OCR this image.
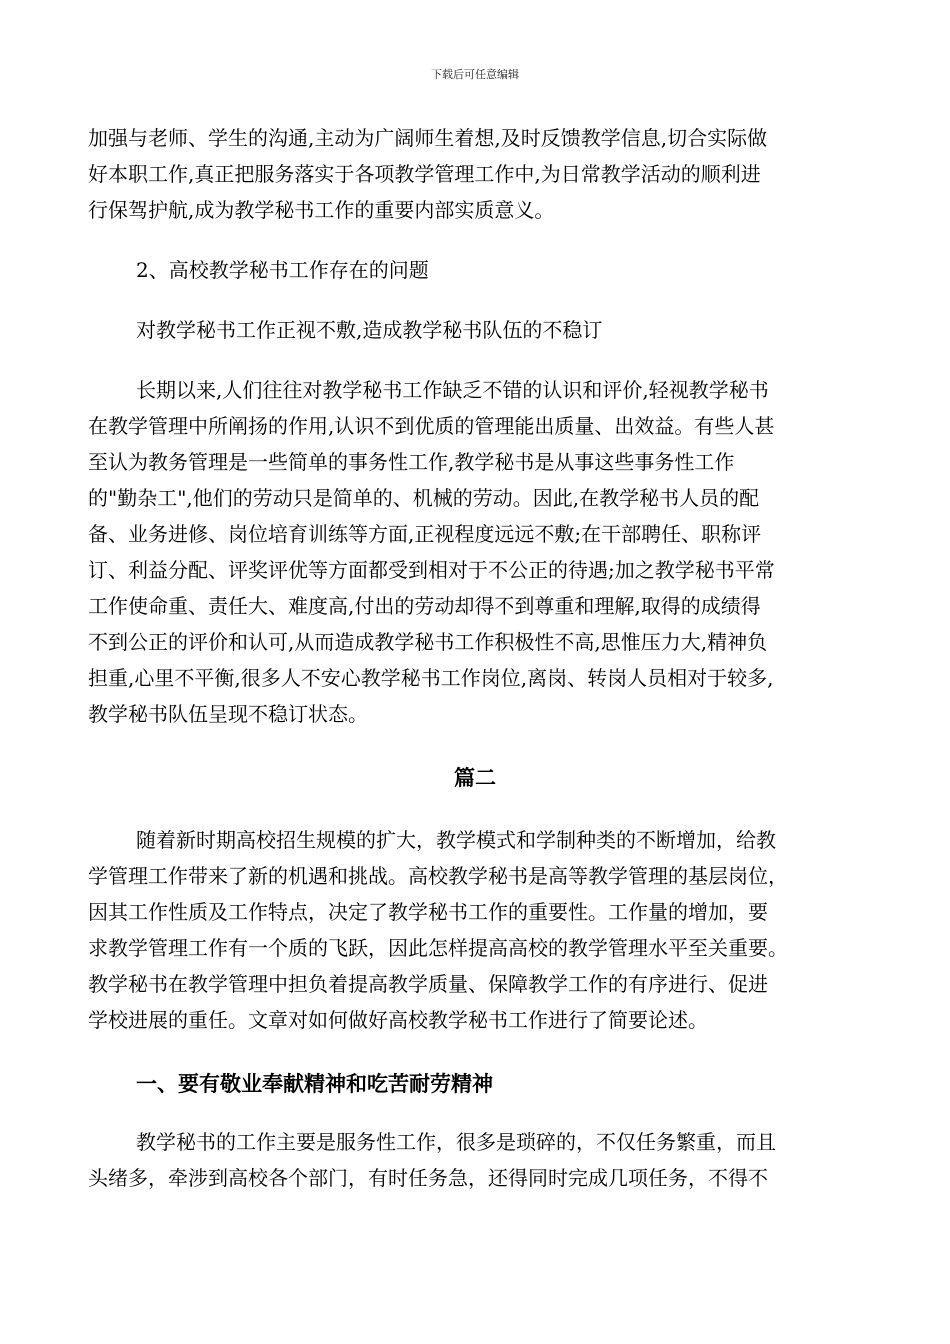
下载后可任意编辑
加强与老师、学生的沟通,主动为广阔师生着想,及时反馈教学信息,切合实际做
好本职工作,真正把服务落实于各项教学管理工作中,为日常教学活动的顺利进
行保驾护航,成为教学秘书工作的重要内部实质意义。
2、高校教学秘书工作存在的问题
对教学秘书工作正视不敷,造成教学秘书队伍的不稳订
长期以来,人们往往对教学秘书工作缺乏不错的认识和评价,轻视教学秘书
在教学管理中所阐扬的作用,认识不到优质的管理能出质量、出效益。有些人甚
至认为教务管理是一些简单的事务性工作,教学秘书是从事这些事务性工作
的"勤杂工",他们的劳动只是简单的、机械的劳动。因此,在教学秘书人员的配
备、业务进修、岗位培育训练等方面,正视程度远远不敷;在干部聘任、职称评
订、利益分配、评奖评优等方面都受到相对于不公正的待遇;加之教学秘书平常
工作使命重、责任大、难度高,付出的劳动却得不到尊重和理解,取得的成绩得
不到公正的评价和认可,从而造成教学秘书工作积极性不高,思惟压力大,精神负
担重,心里不平衡,很多人不安心教学秘书工作岗位,离岗、转岗人员相对于较多,
教学秘书队伍呈现不稳订状态。
篇二
随着新时期高校招生规模的扩大，教学模式和学制种类的不断增加，给教
学管理工作带来了新的机遇和挑战。高校教学秘书是高等教学管理的基层岗位，
因其工作性质及工作特点，决定了教学秘书工作的重要性。工作量的增加，要
求教学管理工作有一个质的飞跃，因此怎样提高高校的教学管理水平至关重要。
教学秘书在教学管理中担负着提高教学质量、保障教学工作的有序进行、促进
学校进展的重任。文章对如何做好高校教学秘书工作进行了简要论述。
一、要有敬业奉献精神和吃苦耐劳精神
教学秘书的工作主要是服务性工作，很多是琐碎的，不仅任务繁重，而且
头绪多，牵涉到高校各个部门，有时任务急，还得同时完成几项任务，不得不
